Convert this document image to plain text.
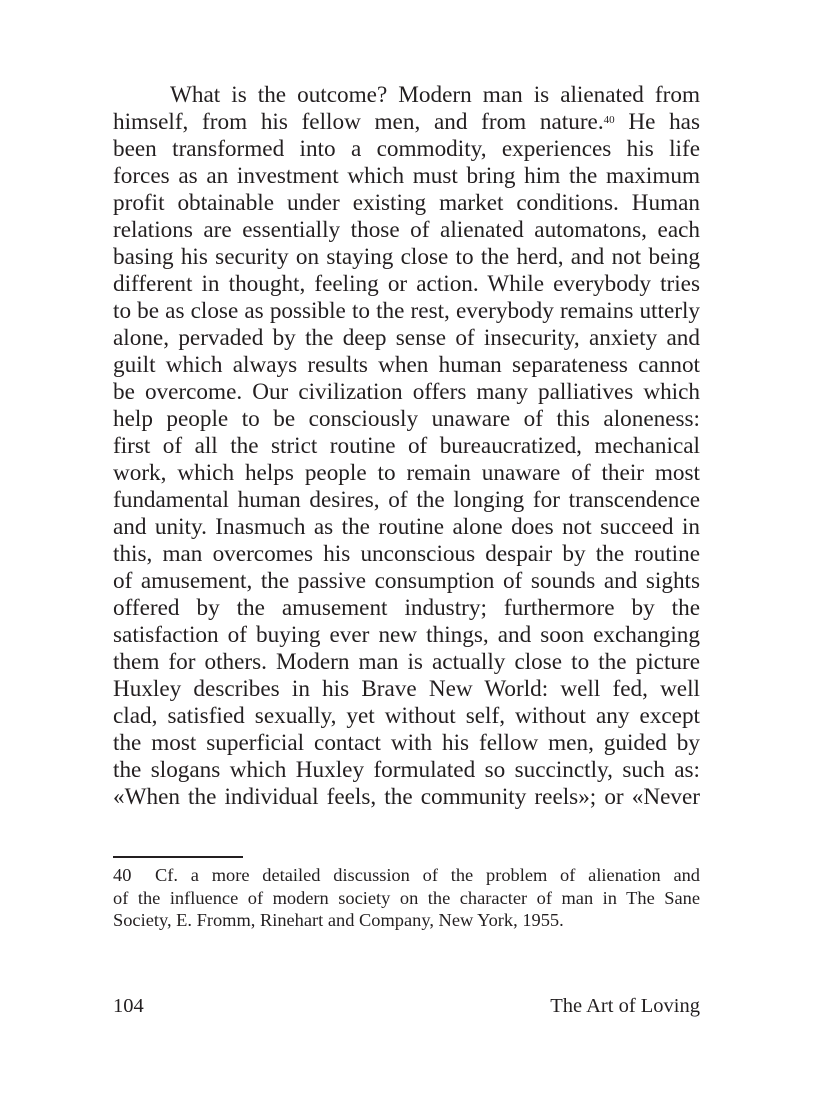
What is the outcome? Modern man is alienated from
himself, from his fellow men, and from nature.$^{40}$ He has
been transformed into a commodity, experiences his life
forces as an investment which must bring him the maximum
profit obtainable under existing market conditions. Human
relations are essentially those of alienated automatons, each
basing his security on staying close to the herd, and not being
different in thought, feeling or action. While everybody tries
to be as close as possible to the rest, everybody remains utterly
alone, pervaded by the deep sense of insecurity, anxiety and
guilt which always results when human separateness cannot
be overcome. Our civilization offers many palliatives which
help people to be consciously unaware of this aloneness:
first of all the strict routine of bureaucratized, mechanical
work, which helps people to remain unaware of their most
fundamental human desires, of the longing for transcendence
and unity. Inasmuch as the routine alone does not succeed in
this, man overcomes his unconscious despair by the routine
of amusement, the passive consumption of sounds and sights
offered by the amusement industry; furthermore by the
satisfaction of buying ever new things, and soon exchanging
them for others. Modern man is actually close to the picture
Huxley describes in his Brave New World: well fed, well
clad, satisfied sexually, yet without self, without any except
the most superficial contact with his fellow men, guided by
the slogans which Huxley formulated so succinctly, such as:
«When the individual feels, the community reels»; or «Never
40 Cf. a more detailed discussion of the problem of alienation and
of the influence of modern society on the character of man in The Sane
Society, E. Fromm, Rinehart and Company, New York, 1955.
104	The Art of Loving
